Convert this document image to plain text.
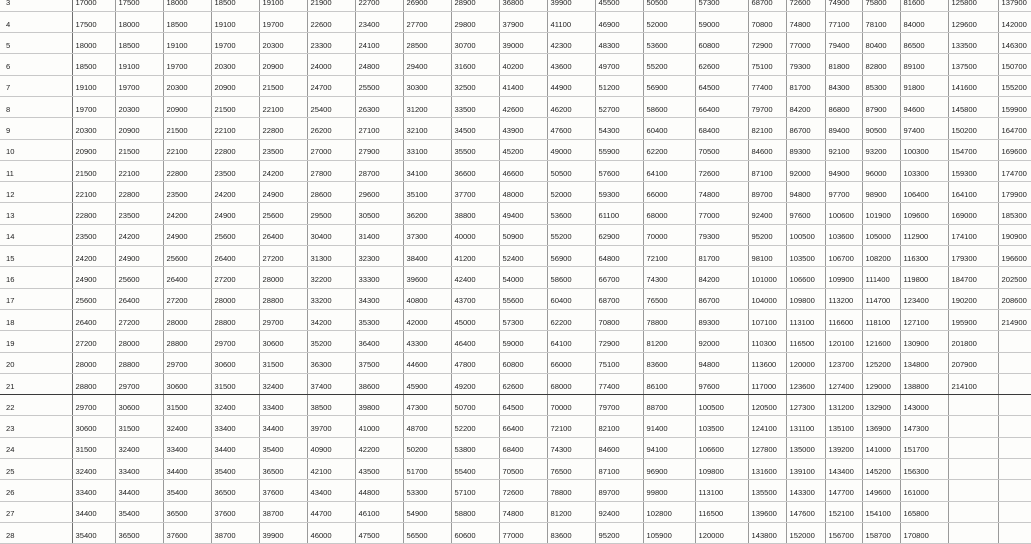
3	17000	17500	18000	18500	19100	21900	22700	26900	28900	36800	39900	45500	50500	57300	68700	72600	74900	75800	81600	125800	137900
4	17500	18000	18500	19100	19700	22600	23400	27700	29800	37900	41100	46900	52000	59000	70800	74800	77100	78100	84000	129600	142000
5	18000	18500	19100	19700	20300	23300	24100	28500	30700	39000	42300	48300	53600	60800	72900	77000	79400	80400	86500	133500	146300
6	18500	19100	19700	20300	20900	24000	24800	29400	31600	40200	43600	49700	55200	62600	75100	79300	81800	82800	89100	137500	150700
7	19100	19700	20300	20900	21500	24700	25500	30300	32500	41400	44900	51200	56900	64500	77400	81700	84300	85300	91800	141600	155200
8	19700	20300	20900	21500	22100	25400	26300	31200	33500	42600	46200	52700	58600	66400	79700	84200	86800	87900	94600	145800	159900
9	20300	20900	21500	22100	22800	26200	27100	32100	34500	43900	47600	54300	60400	68400	82100	86700	89400	90500	97400	150200	164700
10	20900	21500	22100	22800	23500	27000	27900	33100	35500	45200	49000	55900	62200	70500	84600	89300	92100	93200	100300	154700	169600
11	21500	22100	22800	23500	24200	27800	28700	34100	36600	46600	50500	57600	64100	72600	87100	92000	94900	96000	103300	159300	174700
12	22100	22800	23500	24200	24900	28600	29600	35100	37700	48000	52000	59300	66000	74800	89700	94800	97700	98900	106400	164100	179900
13	22800	23500	24200	24900	25600	29500	30500	36200	38800	49400	53600	61100	68000	77000	92400	97600	100600	101900	109600	169000	185300
14	23500	24200	24900	25600	26400	30400	31400	37300	40000	50900	55200	62900	70000	79300	95200	100500	103600	105000	112900	174100	190900
15	24200	24900	25600	26400	27200	31300	32300	38400	41200	52400	56900	64800	72100	81700	98100	103500	106700	108200	116300	179300	196600
16	24900	25600	26400	27200	28000	32200	33300	39600	42400	54000	58600	66700	74300	84200	101000	106600	109900	111400	119800	184700	202500
17	25600	26400	27200	28000	28800	33200	34300	40800	43700	55600	60400	68700	76500	86700	104000	109800	113200	114700	123400	190200	208600
18	26400	27200	28000	28800	29700	34200	35300	42000	45000	57300	62200	70800	78800	89300	107100	113100	116600	118100	127100	195900	214900
19	27200	28000	28800	29700	30600	35200	36400	43300	46400	59000	64100	72900	81200	92000	110300	116500	120100	121600	130900	201800	
20	28000	28800	29700	30600	31500	36300	37500	44600	47800	60800	66000	75100	83600	94800	113600	120000	123700	125200	134800	207900	
21	28800	29700	30600	31500	32400	37400	38600	45900	49200	62600	68000	77400	86100	97600	117000	123600	127400	129000	138800	214100	
22	29700	30600	31500	32400	33400	38500	39800	47300	50700	64500	70000	79700	88700	100500	120500	127300	131200	132900	143000		
23	30600	31500	32400	33400	34400	39700	41000	48700	52200	66400	72100	82100	91400	103500	124100	131100	135100	136900	147300		
24	31500	32400	33400	34400	35400	40900	42200	50200	53800	68400	74300	84600	94100	106600	127800	135000	139200	141000	151700		
25	32400	33400	34400	35400	36500	42100	43500	51700	55400	70500	76500	87100	96900	109800	131600	139100	143400	145200	156300		
26	33400	34400	35400	36500	37600	43400	44800	53300	57100	72600	78800	89700	99800	113100	135500	143300	147700	149600	161000		
27	34400	35400	36500	37600	38700	44700	46100	54900	58800	74800	81200	92400	102800	116500	139600	147600	152100	154100	165800		
28	35400	36500	37600	38700	39900	46000	47500	56500	60600	77000	83600	95200	105900	120000	143800	152000	156700	158700	170800		
